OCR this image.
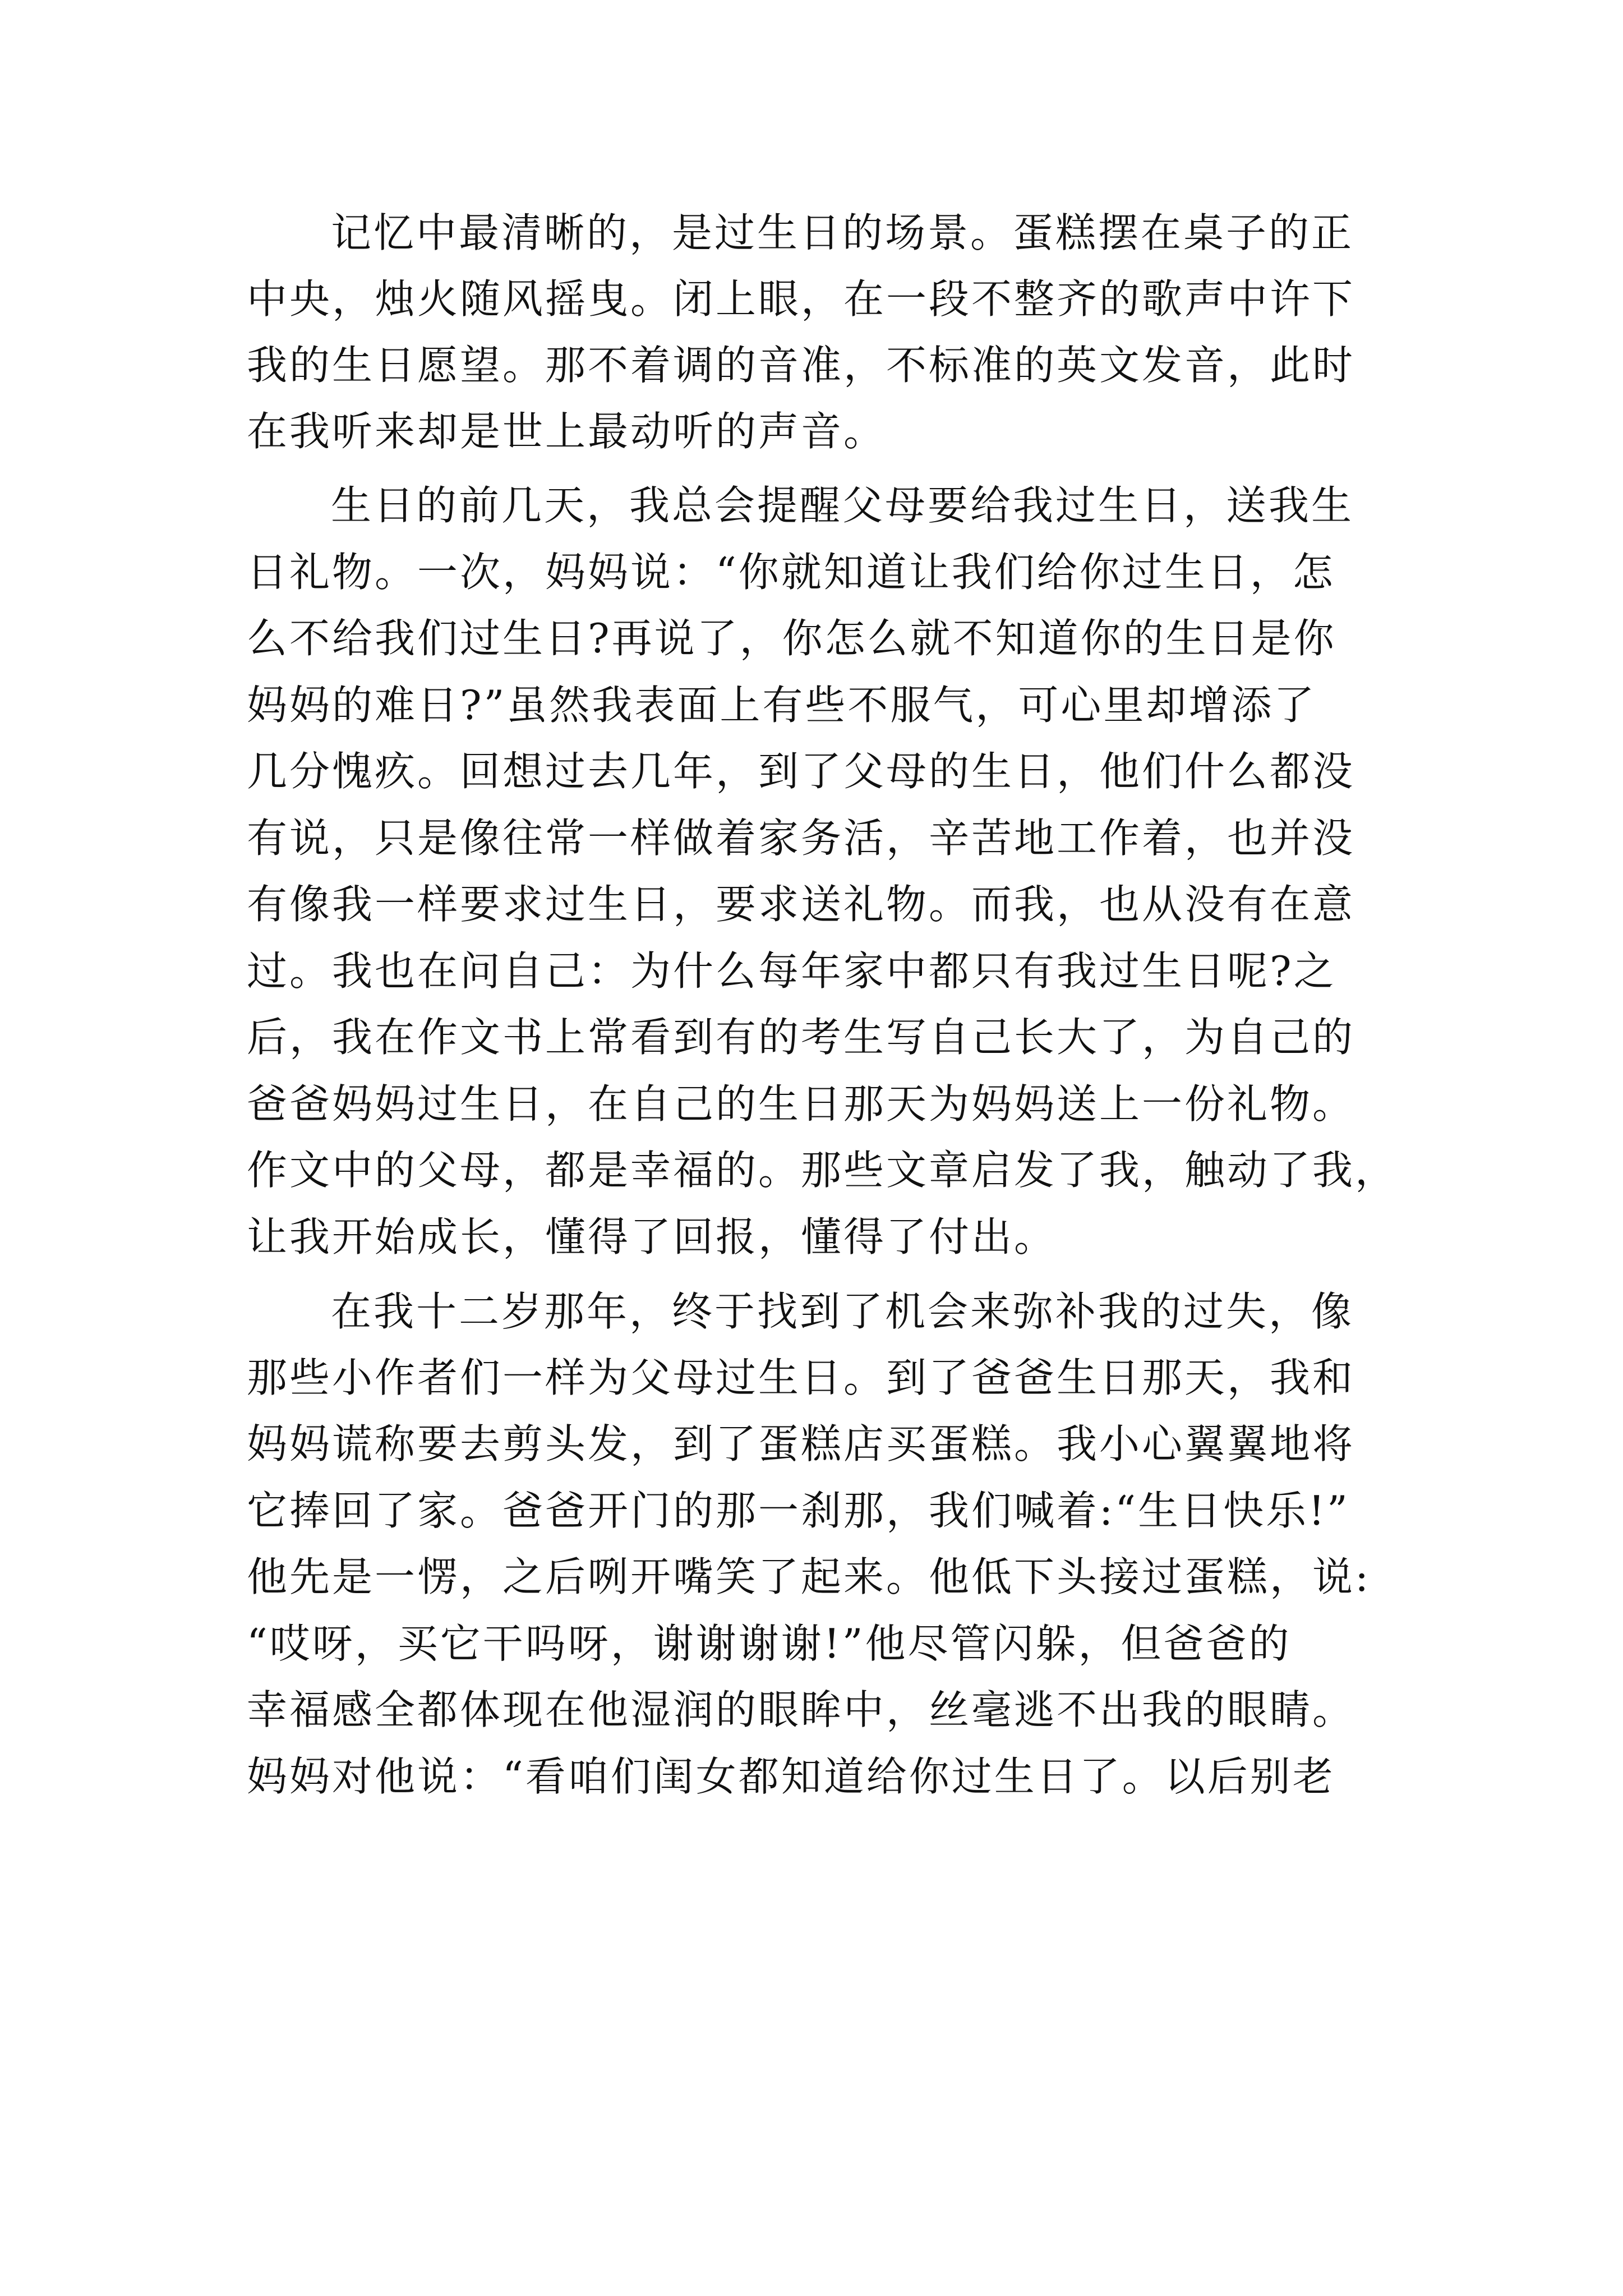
记忆中最清晰的，是过生日的场景。蛋糕摆在桌子的正
中央，烛火随风摇曳。闭上眼，在一段不整齐的歌声中许下
我的生日愿望。那不着调的音准，不标准的英文发音，此时
在我听来却是世上最动听的声音。
生日的前几天，我总会提醒父母要给我过生日，送我生
日礼物。一次，妈妈说：“你就知道让我们给你过生日，怎
么不给我们过生日?再说了，你怎么就不知道你的生日是你
妈妈的难日?”虽然我表面上有些不服气，可心里却增添了
几分愧疚。回想过去几年，到了父母的生日，他们什么都没
有说，只是像往常一样做着家务活，辛苦地工作着，也并没
有像我一样要求过生日，要求送礼物。而我，也从没有在意
过。我也在问自己：为什么每年家中都只有我过生日呢?之
后，我在作文书上常看到有的考生写自己长大了，为自己的
爸爸妈妈过生日，在自己的生日那天为妈妈送上一份礼物。
作文中的父母，都是幸福的。那些文章启发了我，触动了我，
让我开始成长，懂得了回报，懂得了付出。
在我十二岁那年，终于找到了机会来弥补我的过失，像
那些小作者们一样为父母过生日。到了爸爸生日那天，我和
妈妈谎称要去剪头发，到了蛋糕店买蛋糕。我小心翼翼地将
它捧回了家。爸爸开门的那一刹那，我们喊着:“生日快乐!”
他先是一愣，之后咧开嘴笑了起来。他低下头接过蛋糕，说:
“哎呀，买它干吗呀，谢谢谢谢!”他尽管闪躲，但爸爸的
幸福感全都体现在他湿润的眼眸中，丝毫逃不出我的眼睛。
妈妈对他说：“看咱们闺女都知道给你过生日了。以后别老
